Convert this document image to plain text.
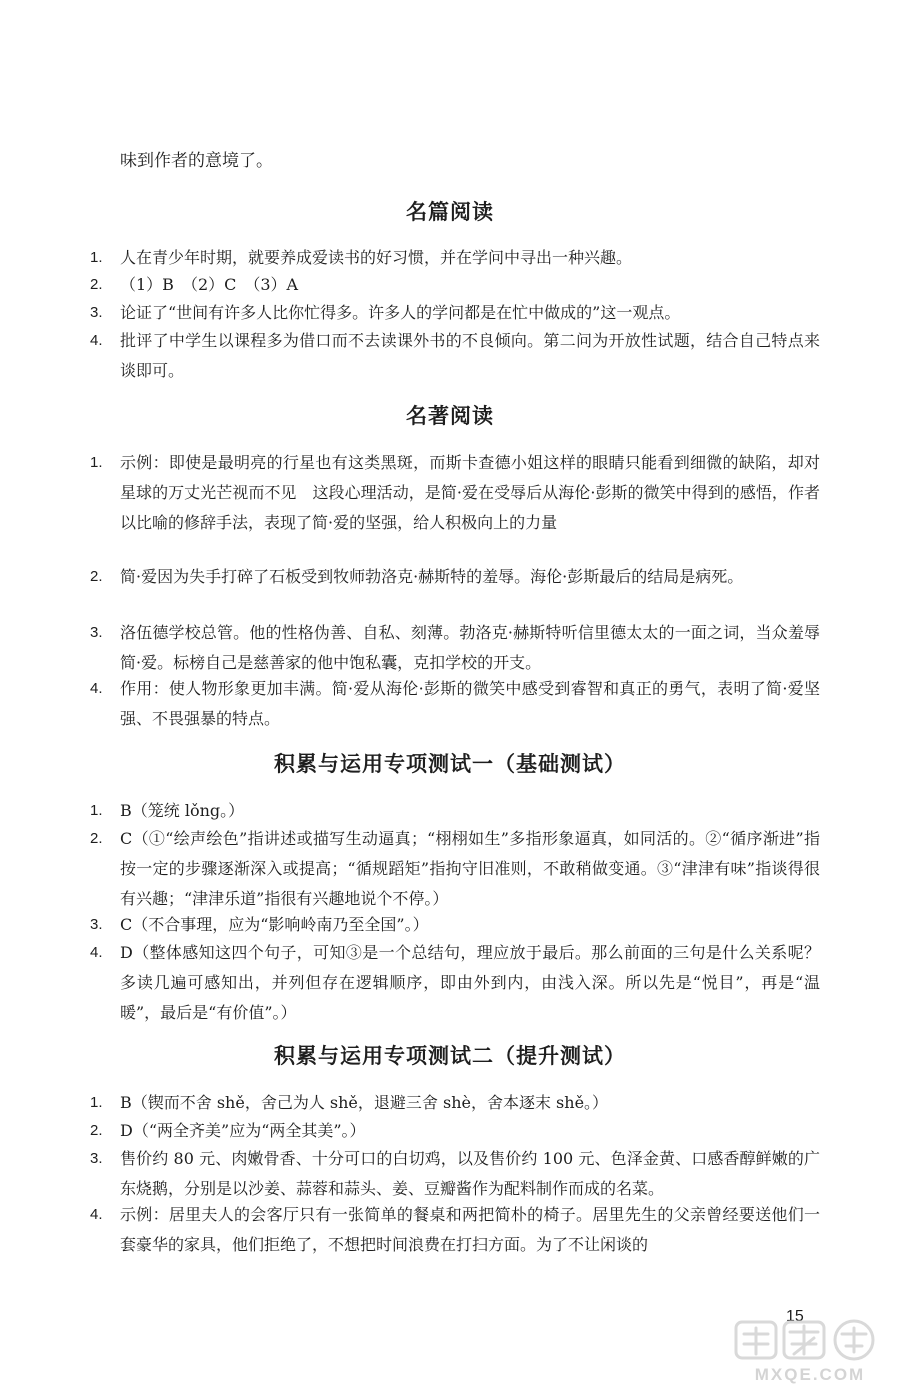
味到作者的意境了。
名篇阅读
1.	人在青少年时期，就要养成爱读书的好习惯，并在学问中寻出一种兴趣。
2.	（1）B　（2）C　（3）A
3.	论证了“世间有许多人比你忙得多。许多人的学问都是在忙中做成的”这一观点。
4.	批评了中学生以课程多为借口而不去读课外书的不良倾向。第二问为开放性试题，结合自己特点来谈即可。
名著阅读
1.	示例：即使是最明亮的行星也有这类黑斑，而斯卡查德小姐这样的眼睛只能看到细微的缺陷，却对星球的万丈光芒视而不见　这段心理活动，是简·爱在受辱后从海伦·彭斯的微笑中得到的感悟，作者以比喻的修辞手法，表现了简·爱的坚强，给人积极向上的力量
2.	简·爱因为失手打碎了石板受到牧师勃洛克·赫斯特的羞辱。海伦·彭斯最后的结局是病死。
3.	洛伍德学校总管。他的性格伪善、自私、刻薄。勃洛克·赫斯特听信里德太太的一面之词，当众羞辱简·爱。标榜自己是慈善家的他中饱私囊，克扣学校的开支。
4.	作用：使人物形象更加丰满。简·爱从海伦·彭斯的微笑中感受到睿智和真正的勇气，表明了简·爱坚强、不畏强暴的特点。
积累与运用专项测试一（基础测试）
1.	B（笼统 lǒng。）
2.	C（①“绘声绘色”指讲述或描写生动逼真；“栩栩如生”多指形象逼真，如同活的。②“循序渐进”指按一定的步骤逐渐深入或提高；“循规蹈矩”指拘守旧准则，不敢稍做变通。③“津津有味”指谈得很有兴趣；“津津乐道”指很有兴趣地说个不停。）
3.	C（不合事理，应为“影响岭南乃至全国”。）
4.	D（整体感知这四个句子，可知③是一个总结句，理应放于最后。那么前面的三句是什么关系呢？多读几遍可感知出，并列但存在逻辑顺序，即由外到内，由浅入深。所以先是“悦目”，再是“温暖”，最后是“有价值”。）
积累与运用专项测试二（提升测试）
1.	B（锲而不舍 shě，舍己为人 shě，退避三舍 shè，舍本逐末 shě。）
2.	D（“两全齐美”应为“两全其美”。）
3.	售价约 80 元、肉嫩骨香、十分可口的白切鸡，以及售价约 100 元、色泽金黄、口感香醇鲜嫩的广东烧鹅，分别是以沙姜、蒜蓉和蒜头、姜、豆瓣酱作为配料制作而成的名菜。
4.	示例：居里夫人的会客厅只有一张简单的餐桌和两把简朴的椅子。居里先生的父亲曾经要送他们一套豪华的家具，他们拒绝了，不想把时间浪费在打扫方面。为了不让闲谈的
15
MXQE.COM
